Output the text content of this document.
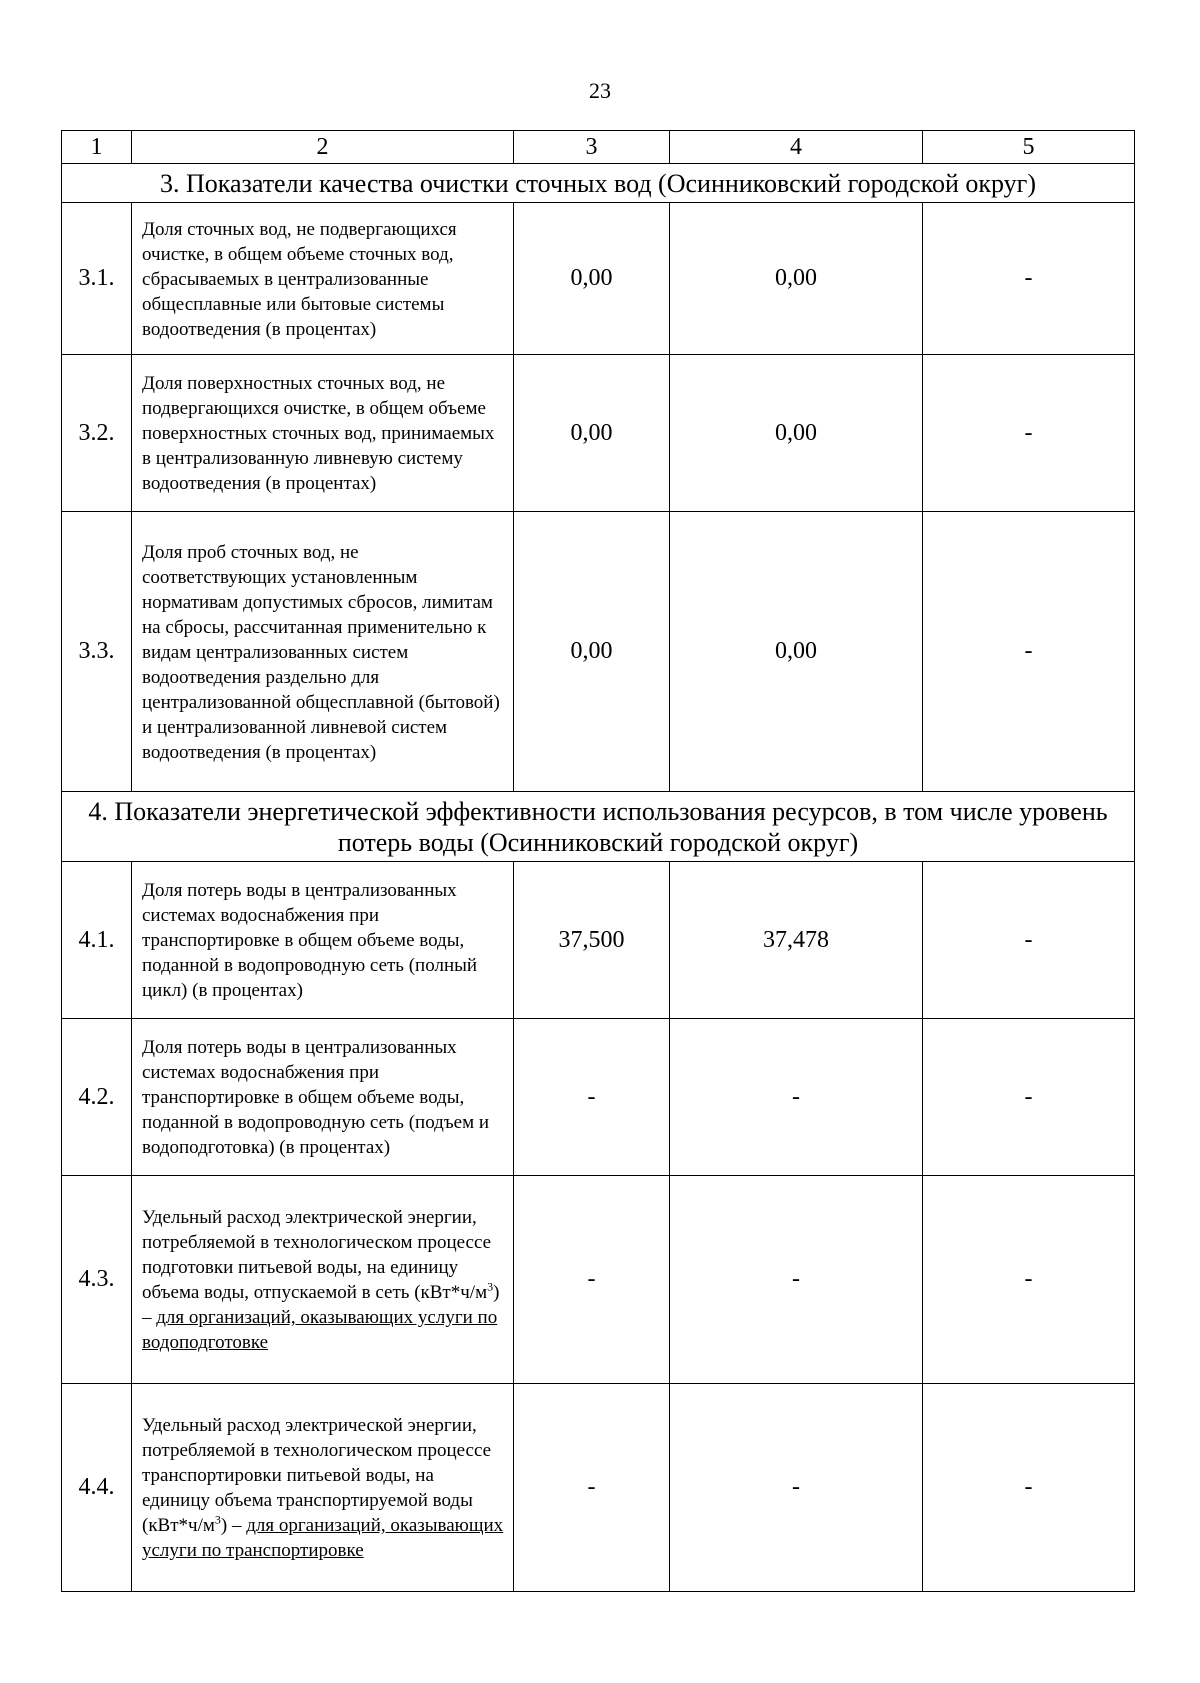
23
1	2	3	4	5
3. Показатели качества очистки сточных вод (Осинниковский городской округ)				
3.1.	Доля сточных вод, не подвергающихся очистке, в общем объеме сточных вод, сбрасываемых в централизованные общесплавные или бытовые системы водоотведения (в процентах)	0,00	0,00	-
3.2.	Доля поверхностных сточных вод, не подвергающихся очистке, в общем объеме поверхностных сточных вод, принимаемых в централизованную ливневую систему водоотведения (в процентах)	0,00	0,00	-
3.3.	Доля проб сточных вод, не соответствующих установленным нормативам допустимых сбросов, лимитам на сбросы, рассчитанная применительно к видам централизованных систем водоотведения раздельно для централизованной общесплавной (бытовой) и централизованной ливневой систем водоотведения (в процентах)	0,00	0,00	-
4. Показатели энергетической эффективности использования ресурсов, в том числе уровень потерь воды (Осинниковский городской округ)				
4.1.	Доля потерь воды в централизованных системах водоснабжения при транспортировке в общем объеме воды, поданной в водопроводную сеть (полный цикл) (в процентах)	37,500	37,478	-
4.2.	Доля потерь воды в централизованных системах водоснабжения при транспортировке в общем объеме воды, поданной в водопроводную сеть (подъем и водоподготовка) (в процентах)	-	-	-
4.3.	Удельный расход электрической энергии, потребляемой в технологическом процессе подготовки питьевой воды, на единицу объема воды, отпускаемой в сеть $(кВт*ч/м^3)$ – для организаций, оказывающих услуги по водоподготовке	-	-	-
4.4.	Удельный расход электрической энергии, потребляемой в технологическом процессе транспортировки питьевой воды, на единицу объема транспортируемой воды $(кВт*ч/м^3)$ – для организаций, оказывающих услуги по транспортировке	-	-	-
